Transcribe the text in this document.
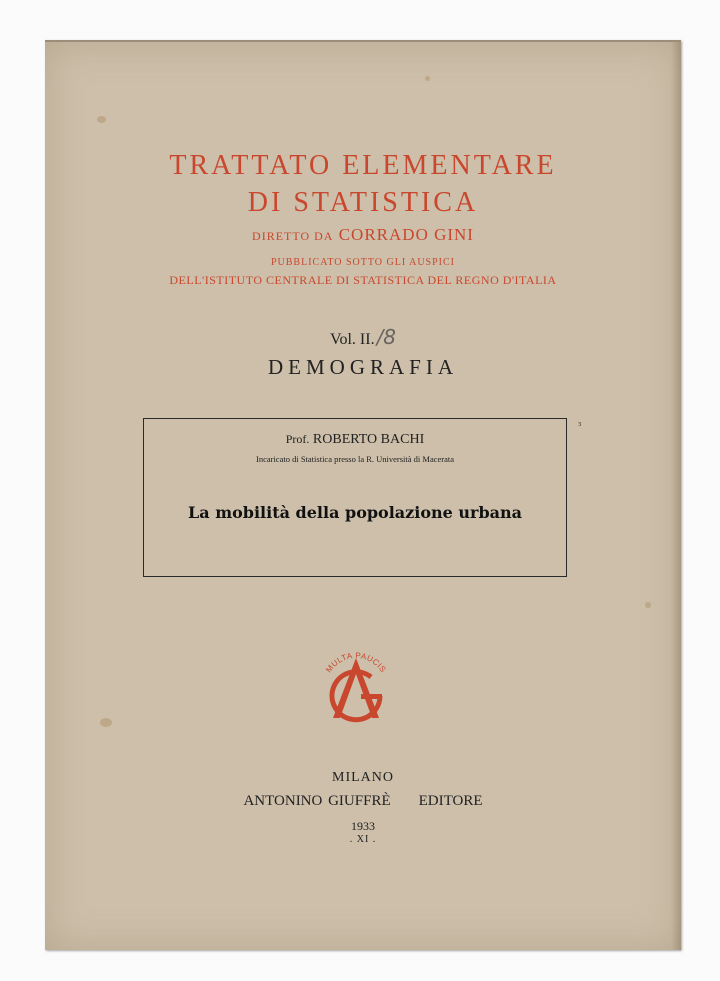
TRATTATO ELEMENTARE
DI STATISTICA
DIRETTO DA CORRADO GINI
PUBBLICATO SOTTO GLI AUSPICI
DELL'ISTITUTO CENTRALE DI STATISTICA DEL REGNO D'ITALIA
Vol. II. /8
DEMOGRAFIA
Prof. ROBERTO BACHI
Incaricato di Statistica presso la R. Università di Macerata
La mobilità della popolazione urbana
з
MULTA PAUCIS
MILANO
ANTONINO GIUFFRÈ EDITORE
1933
. XI .
